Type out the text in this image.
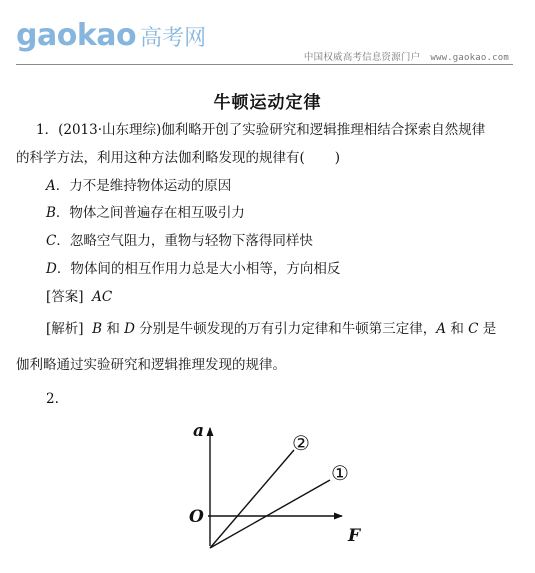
gaokao 高考网
中国权威高考信息资源门户 www.gaokao.com
牛顿运动定律
1．(2013·山东理综)伽利略开创了实验研究和逻辑推理相结合探索自然规律
的科学方法，利用这种方法伽利略发现的规律有( )
A．力不是维持物体运动的原因
B．物体之间普遍存在相互吸引力
C．忽略空气阻力，重物与轻物下落得同样快
D．物体间的相互作用力总是大小相等，方向相反
[答案] AC
[解析] B 和 D 分别是牛顿发现的万有引力定律和牛顿第三定律，A 和 C 是
伽利略通过实验研究和逻辑推理发现的规律。
2.
a
F
O
②
①
